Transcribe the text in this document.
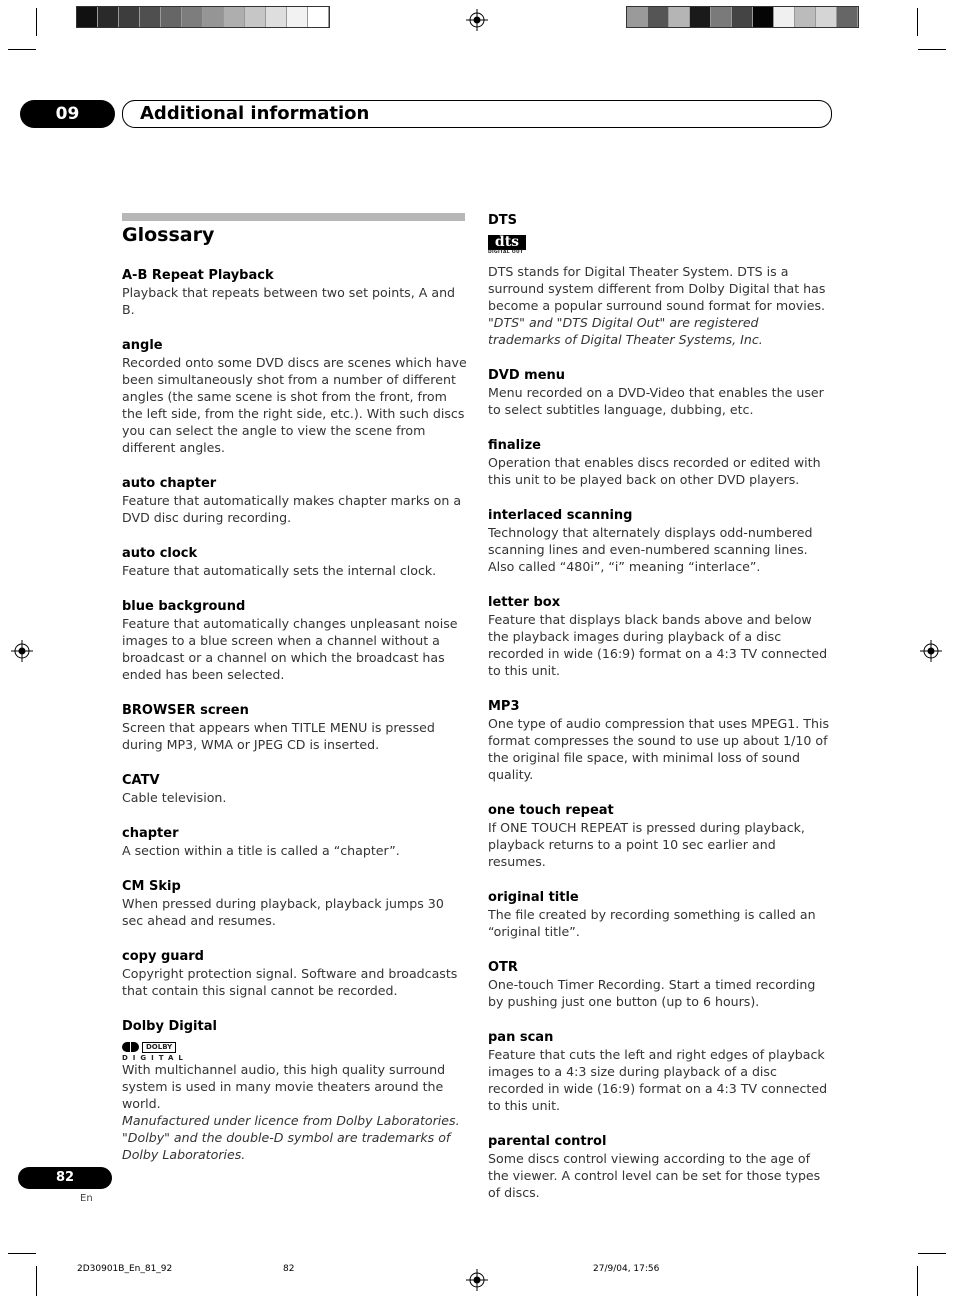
09	Additional information
Glossary
A-B Repeat Playback
Playback that repeats between two set points, A and B.
angle
Recorded onto some DVD discs are scenes which have been simultaneously shot from a number of different angles (the same scene is shot from the front, from the left side, from the right side, etc.). With such discs you can select the angle to view the scene from different angles.
auto chapter
Feature that automatically makes chapter marks on a DVD disc during recording.
auto clock
Feature that automatically sets the internal clock.
blue background
Feature that automatically changes unpleasant noise images to a blue screen when a channel without a broadcast or a channel on which the broadcast has ended has been selected.
BROWSER screen
Screen that appears when TITLE MENU is pressed during MP3, WMA or JPEG CD is inserted.
CATV
Cable television.
chapter
A section within a title is called a “chapter”.
CM Skip
When pressed during playback, playback jumps 30 sec ahead and resumes.
copy guard
Copyright protection signal. Software and broadcasts that contain this signal cannot be recorded.
Dolby Digital
DOLBY
DIGITAL
With multichannel audio, this high quality surround system is used in many movie theaters around the world.
Manufactured under licence from Dolby Laboratories. "Dolby" and the double-D symbol are trademarks of Dolby Laboratories.
DTS
dts
DIGITAL OUT
DTS stands for Digital Theater System. DTS is a surround system different from Dolby Digital that has become a popular surround sound format for movies.
"DTS" and "DTS Digital Out" are registered trademarks of Digital Theater Systems, Inc.
DVD menu
Menu recorded on a DVD-Video that enables the user to select subtitles language, dubbing, etc.
finalize
Operation that enables discs recorded or edited with this unit to be played back on other DVD players.
interlaced scanning
Technology that alternately displays odd-numbered scanning lines and even-numbered scanning lines. Also called “480i”, “i” meaning “interlace”.
letter box
Feature that displays black bands above and below the playback images during playback of a disc recorded in wide (16:9) format on a 4:3 TV connected to this unit.
MP3
One type of audio compression that uses MPEG1. This format compresses the sound to use up about 1/10 of the original file space, with minimal loss of sound quality.
one touch repeat
If ONE TOUCH REPEAT is pressed during playback, playback returns to a point 10 sec earlier and resumes.
original title
The file created by recording something is called an “original title”.
OTR
One-touch Timer Recording. Start a timed recording by pushing just one button (up to 6 hours).
pan scan
Feature that cuts the left and right edges of playback images to a 4:3 size during playback of a disc recorded in wide (16:9) format on a 4:3 TV connected to this unit.
parental control
Some discs control viewing according to the age of the viewer. A control level can be set for those types of discs.
82
En
2D30901B_En_81_92	82	27/9/04, 17:56
